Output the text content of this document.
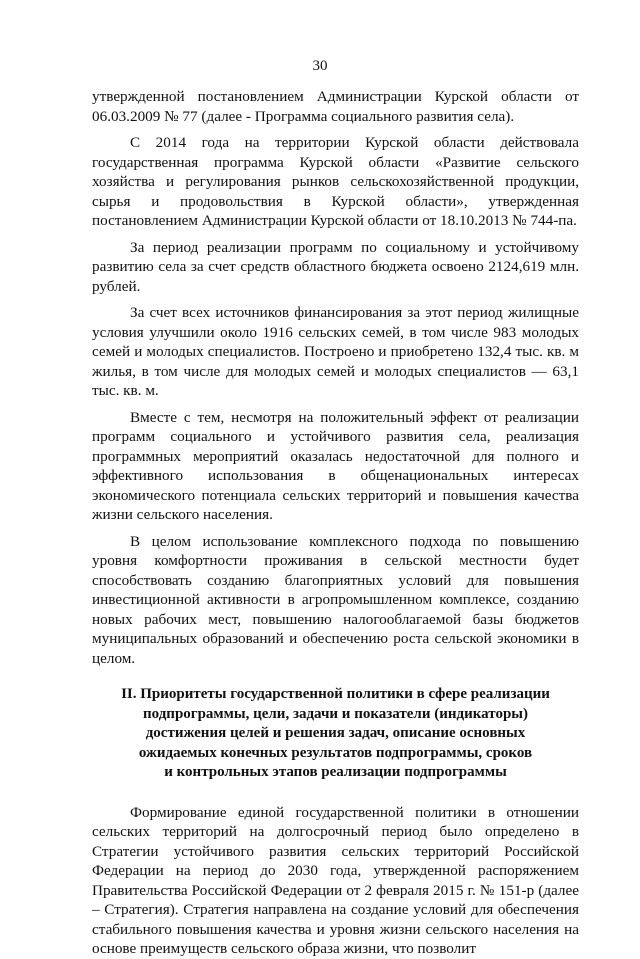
30

утвержденной постановлением Администрации Курской области от 06.03.2009 № 77 (далее - Программа социального развития села).

С 2014 года на территории Курской области действовала государственная программа Курской области «Развитие сельского хозяйства и регулирования рынков сельскохозяйственной продукции, сырья и продовольствия в Курской области», утвержденная постановлением Администрации Курской области от 18.10.2013 № 744-па.

За период реализации программ по социальному и устойчивому развитию села за счет средств областного бюджета освоено 2124,619 млн. рублей.

За счет всех источников финансирования за этот период жилищные условия улучшили около 1916 сельских семей, в том числе 983 молодых семей и молодых специалистов. Построено и приобретено 132,4 тыс. кв. м жилья, в том числе для молодых семей и молодых специалистов — 63,1 тыс. кв. м.

Вместе с тем, несмотря на положительный эффект от реализации программ социального и устойчивого развития села, реализация программных мероприятий оказалась недостаточной для полного и эффективного использования в общенациональных интересах экономического потенциала сельских территорий и повышения качества жизни сельского населения.

В целом использование комплексного подхода по повышению уровня комфортности проживания в сельской местности будет способствовать созданию благоприятных условий для повышения инвестиционной активности в агропромышленном комплексе, созданию новых рабочих мест, повышению налогооблагаемой базы бюджетов муниципальных образований и обеспечению роста сельской экономики в целом.

II. Приоритеты государственной политики в сфере реализации
подпрограммы, цели, задачи и показатели (индикаторы)
достижения целей и решения задач, описание основных
ожидаемых конечных результатов подпрограммы, сроков
и контрольных этапов реализации подпрограммы

Формирование единой государственной политики в отношении сельских территорий на долгосрочный период было определено в Стратегии устойчивого развития сельских территорий Российской Федерации на период до 2030 года, утвержденной распоряжением Правительства Российской Федерации от 2 февраля 2015 г. № 151-р (далее – Стратегия). Стратегия направлена на создание условий для обеспечения стабильного повышения качества и уровня жизни сельского населения на основе преимуществ сельского образа жизни, что позволит
